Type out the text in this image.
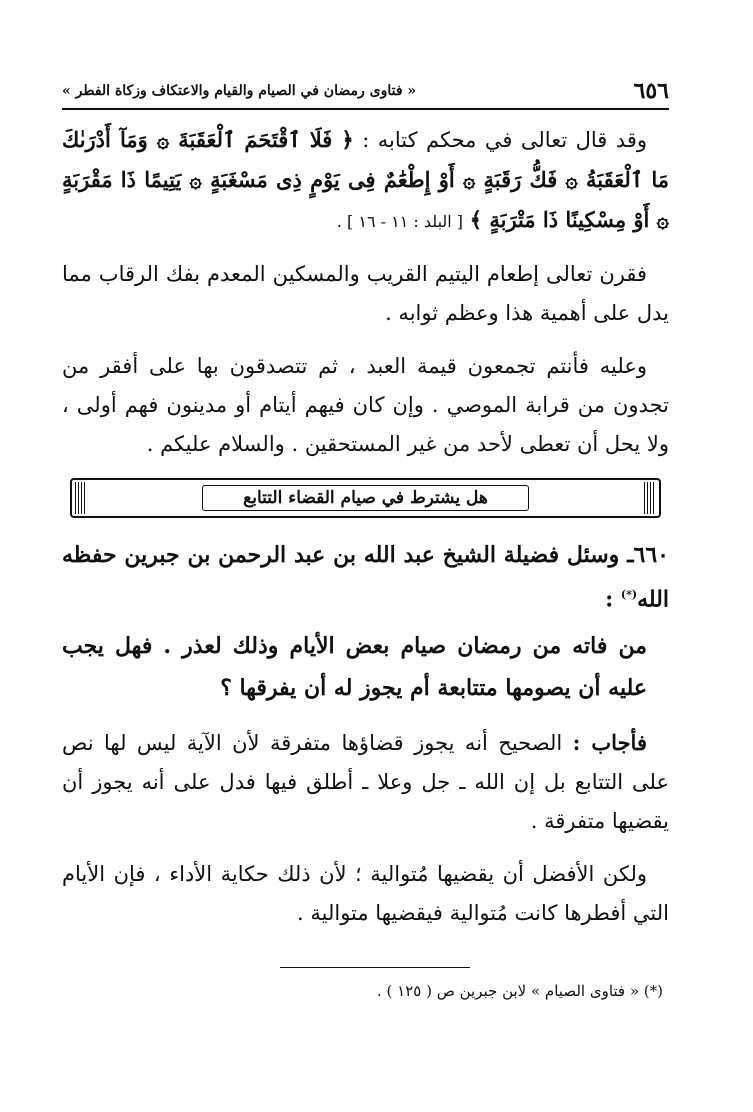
٦٥٦
« فتاوى رمضان في الصيام والقيام والاعتكاف وزكاة الفطر »

وقد قال تعالى في محكم كتابه : ﴿ فَلَا ٱقْتَحَمَ ٱلْعَقَبَةَ ۞ وَمَآ أَدْرَىٰكَ مَا ٱلْعَقَبَةُ ۞ فَكُّ رَقَبَةٍ ۞ أَوْ إِطْعَٰمٌ فِى يَوْمٍ ذِى مَسْغَبَةٍ ۞ يَتِيمًا ذَا مَقْرَبَةٍ ۞ أَوْ مِسْكِينًا ذَا مَتْرَبَةٍ ﴾ [ البلد : ١١ - ١٦ ] .

فقرن تعالى إطعام اليتيم القريب والمسكين المعدم بفك الرقاب مما يدل على أهمية هذا وعظم ثوابه .

وعليه فأنتم تجمعون قيمة العبد ، ثم تتصدقون بها على أفقر من تجدون من قرابة الموصي . وإن كان فيهم أيتام أو مدينون فهم أولى ، ولا يحل أن تعطى لأحد من غير المستحقين . والسلام عليكم .

هل يشترط في صيام القضاء التتابع

٦٦٠ـ وسئل فضيلة الشيخ عبد الله بن عبد الرحمن بن جبرين حفظه الله(*) :

من فاته من رمضان صيام بعض الأيام وذلك لعذر . فهل يجب عليه أن يصومها متتابعة أم يجوز له أن يفرقها ؟

فأجاب : الصحيح أنه يجوز قضاؤها متفرقة لأن الآية ليس لها نص على التتابع بل إن الله ـ جل وعلا ـ أطلق فيها فدل على أنه يجوز أن يقضيها متفرقة .

ولكن الأفضل أن يقضيها مُتوالية ؛ لأن ذلك حكاية الأداء ، فإن الأيام التي أفطرها كانت مُتوالية فيقضيها متوالية .

(*) « فتاوى الصيام » لابن جبرين ص ( ١٢٥ ) .
